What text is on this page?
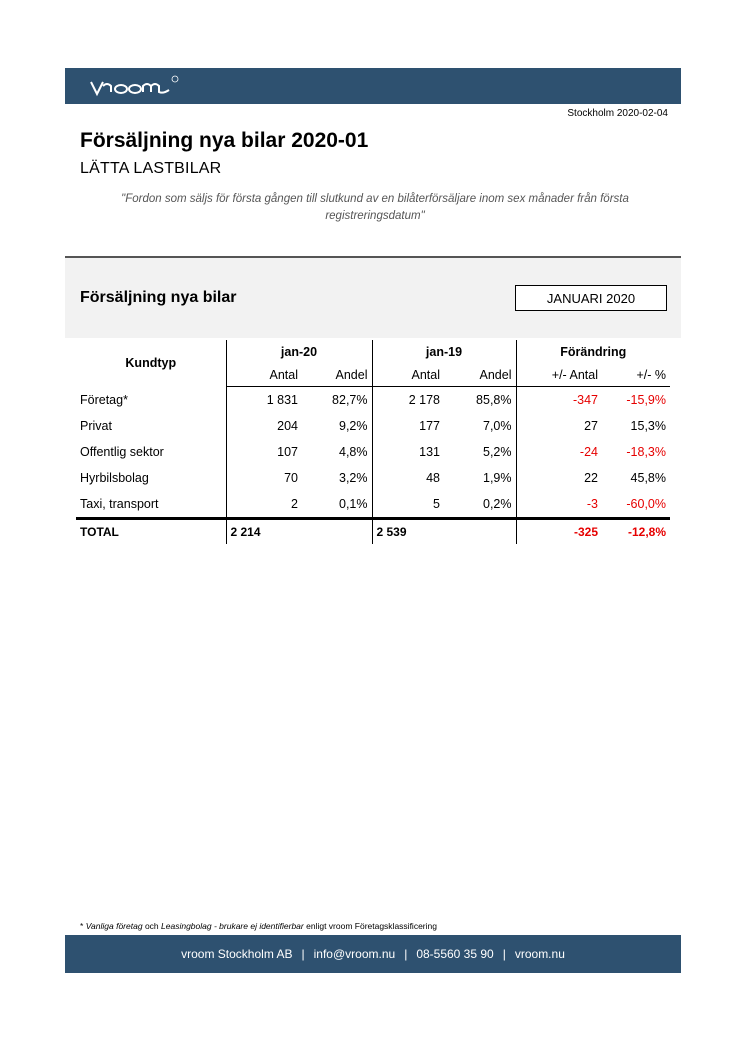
Stockholm 2020-02-04
Försäljning nya bilar 2020-01
LÄTTA LASTBILAR
"Fordon som säljs för första gången till slutkund av en bilåterförsäljare inom sex månader från första registreringsdatum"
Försäljning nya bilar	JANUARI 2020
Kundtyp	jan-20		jan-19		Förändring	
	Antal	Andel	Antal	Andel	+/- Antal	+/- %
Företag*	1 831	82,7%	2 178	85,8%	-347	-15,9%
Privat	204	9,2%	177	7,0%	27	15,3%
Offentlig sektor	107	4,8%	131	5,2%	-24	-18,3%
Hyrbilsbolag	70	3,2%	48	1,9%	22	45,8%
Taxi, transport	2	0,1%	5	0,2%	-3	-60,0%
TOTAL	2 214		2 539		-325	-12,8%
* Vanliga företag och Leasingbolag - brukare ej identifierbar enligt vroom Företagsklassificering
vroom Stockholm AB | info@vroom.nu | 08-5560 35 90 | vroom.nu
